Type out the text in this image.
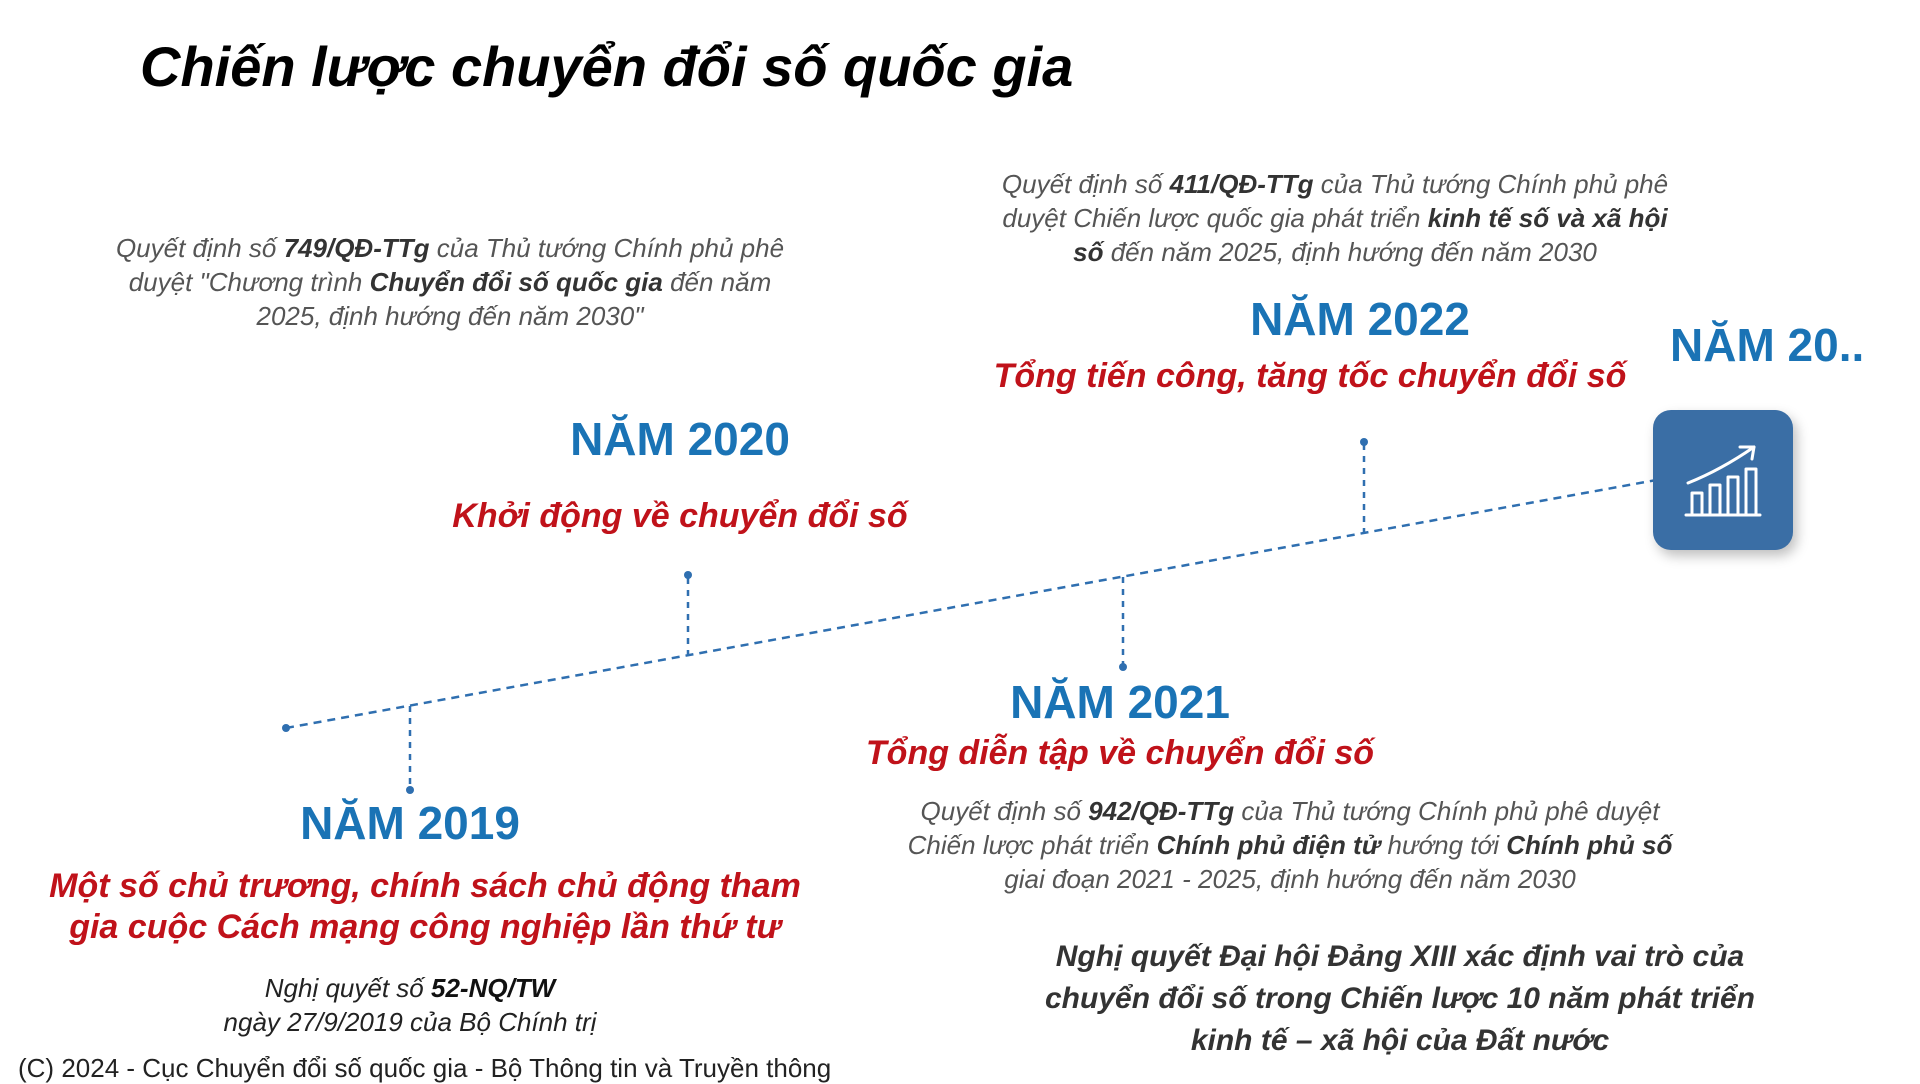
Chiến lược chuyển đổi số quốc gia
Quyết định số 749/QĐ-TTg của Thủ tướng Chính phủ phê duyệt "Chương trình Chuyển đổi số quốc gia đến năm 2025, định hướng đến năm 2030"
Quyết định số 411/QĐ-TTg của Thủ tướng Chính phủ phê duyệt Chiến lược quốc gia phát triển kinh tế số và xã hội số đến năm 2025, định hướng đến năm 2030
NĂM 2022
Tổng tiến công, tăng tốc chuyển đổi số
NĂM 20..
NĂM 2020
Khởi động về chuyển đổi số
NĂM 2021
Tổng diễn tập về chuyển đổi số
Quyết định số 942/QĐ-TTg của Thủ tướng Chính phủ phê duyệt Chiến lược phát triển Chính phủ điện tử hướng tới Chính phủ số giai đoạn 2021 - 2025, định hướng đến năm 2030
Nghị quyết Đại hội Đảng XIII xác định vai trò của chuyển đổi số trong Chiến lược 10 năm phát triển kinh tế – xã hội của Đất nước
NĂM 2019
Một số chủ trương, chính sách chủ động tham gia cuộc Cách mạng công nghiệp lần thứ tư
Nghị quyết số 52-NQ/TW
ngày 27/9/2019 của Bộ Chính trị
(C) 2024 - Cục Chuyển đổi số quốc gia - Bộ Thông tin và Truyền thông
